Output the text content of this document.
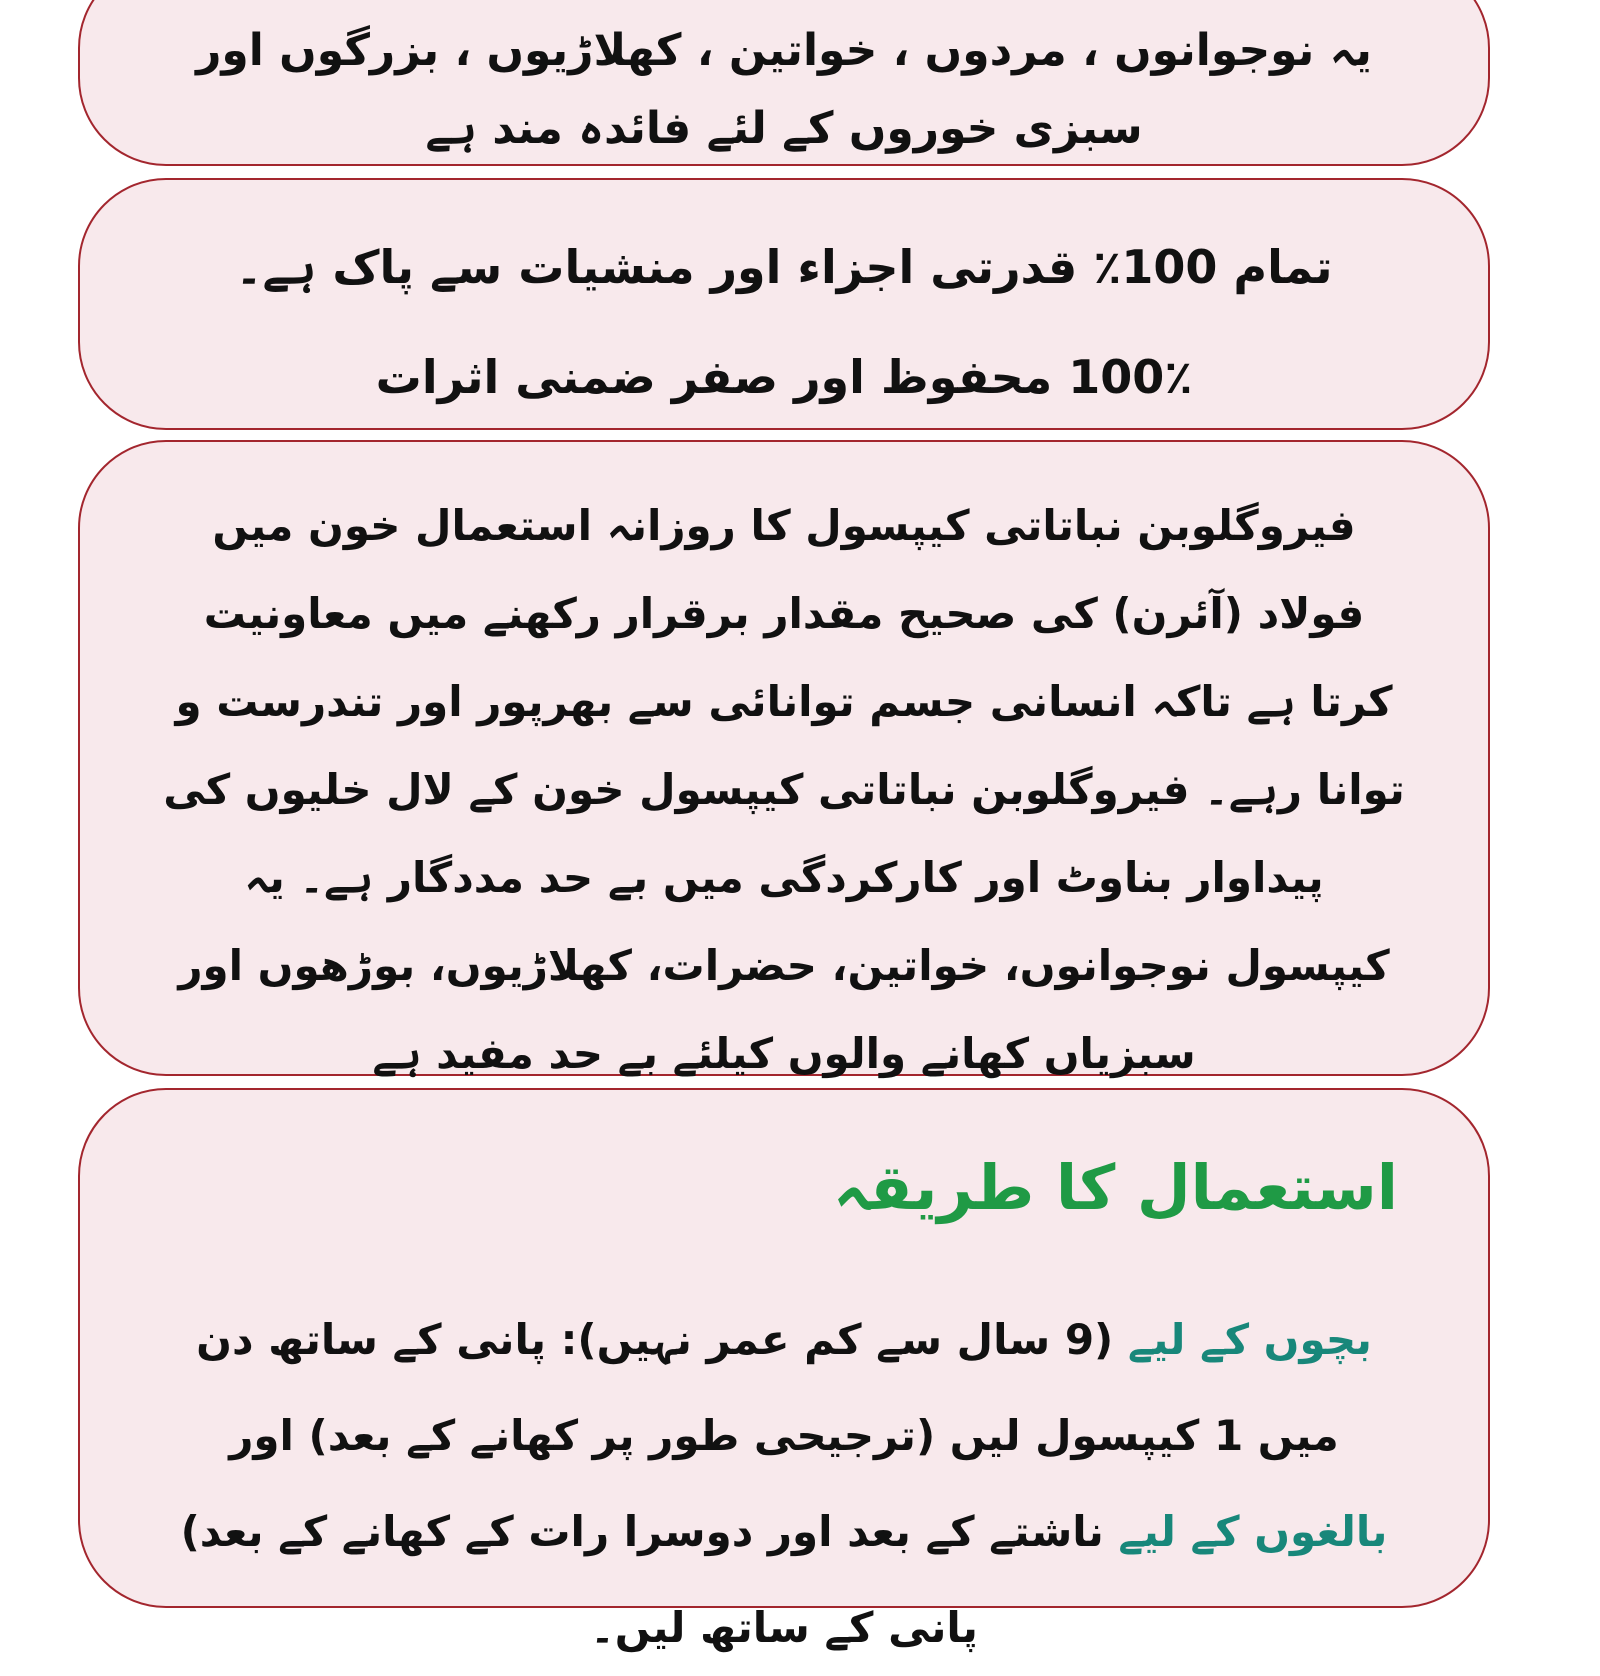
یہ نوجوانوں ، مردوں ، خواتین ، کھلاڑیوں ، بزرگوں اور سبزی خوروں کے لئے فائدہ مند ہے

تمام 100٪ قدرتی اجزاء اور منشیات سے پاک ہے۔

100٪ محفوظ اور صفر ضمنی اثرات

فیروگلوبن نباتاتی کیپسول کا روزانہ استعمال خون میں فولاد (آئرن) کی صحیح مقدار برقرار رکھنے میں معاونیت کرتا ہے تاکہ انسانی جسم توانائی سے بھرپور اور تندرست و توانا رہے۔ فیروگلوبن نباتاتی کیپسول خون کے لال خلیوں کی پیداوار بناوٹ اور کارکردگی میں بے حد مددگار ہے۔ یہ کیپسول نوجوانوں، خواتین، حضرات، کھلاڑیوں، بوڑھوں اور سبزیاں کھانے والوں کیلئے بے حد مفید ہے

استعمال کا طریقہ

بچوں کے لیے (9 سال سے کم عمر نہیں): پانی کے ساتھ دن میں 1 کیپسول لیں (ترجیحی طور پر کھانے کے بعد) اور بالغوں کے لیے ناشتے کے بعد اور دوسرا رات کے کھانے کے بعد) پانی کے ساتھ لیں۔
